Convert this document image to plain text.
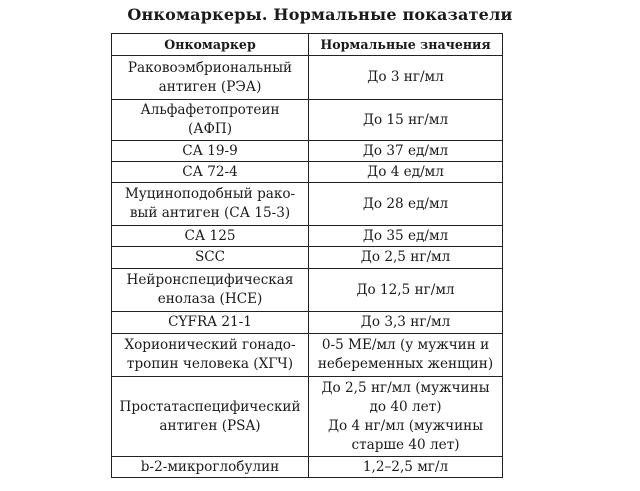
Онкомаркеры. Нормальные показатели
Онкомаркер	Нормальные значения

Раковоэмбриональный
антиген (РЭА)	До 3 нг/мл

Альфафетопротеин
(АФП)	До 15 нг/мл

СА 19-9	До 37 ед/мл

СА 72-4	До 4 ед/мл

Муциноподобный рако-
вый антиген (СА 15-3)	До 28 ед/мл

СА 125	До 35 ед/мл

SCC	До 2,5 нг/мл

Нейронспецифическая
енолаза (НСЕ)	До 12,5 нг/мл

CYFRA 21-1	До 3,3 нг/мл

Хорионический гонадо-
тропин человека (ХГЧ)	0-5 МЕ/мл (у мужчин и
небеременных женщин)

Простатаспецифический
антиген (PSA)	До 2,5 нг/мл (мужчины
до 40 лет)
До 4 нг/мл (мужчины
старше 40 лет)

b-2-микроглобулин	1,2–2,5 мг/л
